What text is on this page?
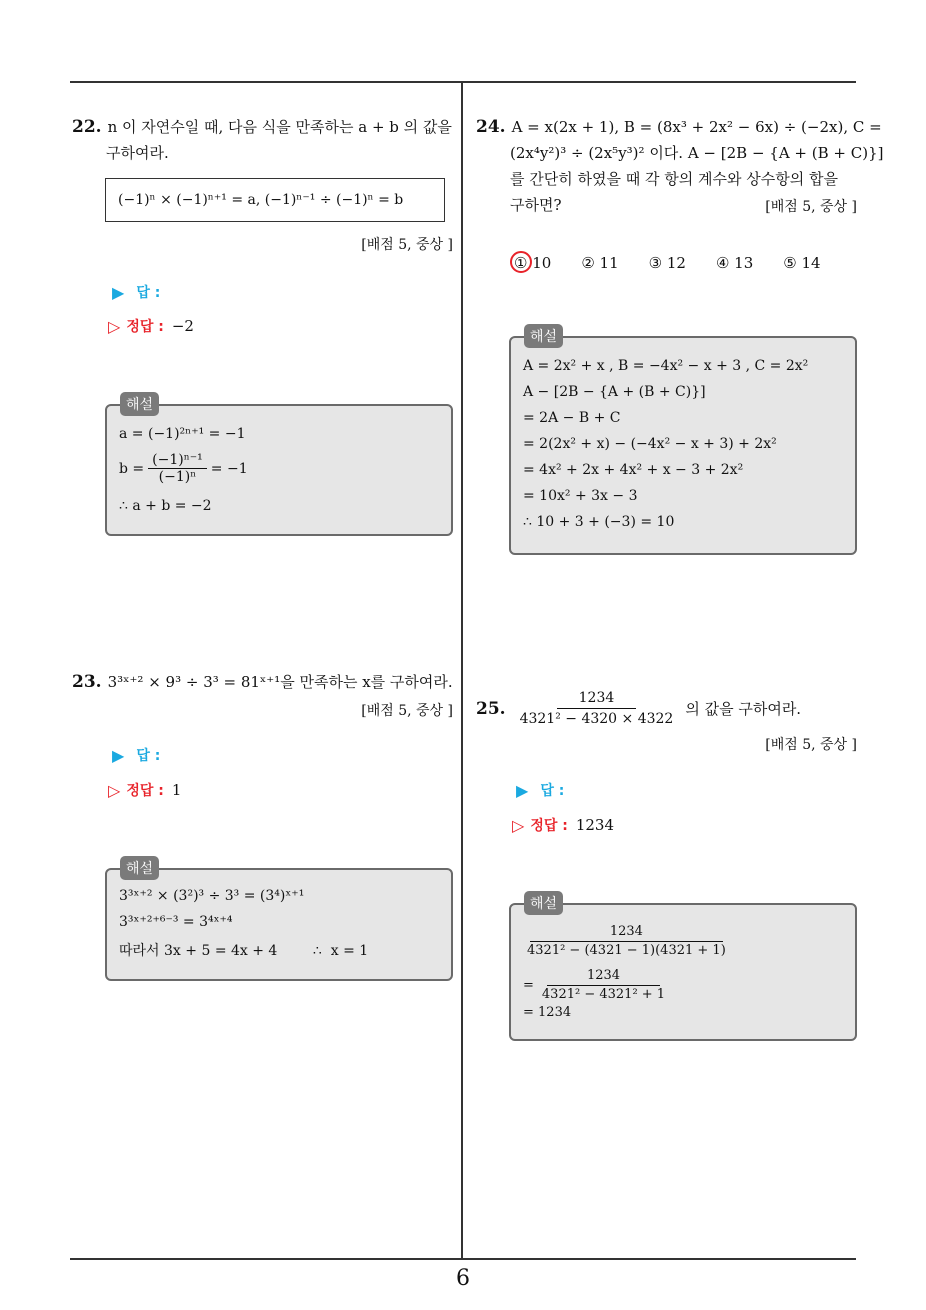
6
22. n 이 자연수일 때, 다음 식을 만족하는 a + b 의 값을
구하여라.
(−1)ⁿ × (−1)ⁿ⁺¹ = a, (−1)ⁿ⁻¹ ÷ (−1)ⁿ = b
[배점 5, 중상 ]
▶ 답 :
▷ 정답 : −2
a = (−1)²ⁿ⁺¹ = −1
$b = \frac{\text{(−1)ⁿ⁻¹}}{\text{(−1)ⁿ}} = -1$
∴ a + b = −2
해설
23. 3³ˣ⁺² × 9³ ÷ 3³ = 81ˣ⁺¹을 만족하는 x를 구하여라.
[배점 5, 중상 ]
▶ 답 :
▷ 정답 : 1
3³ˣ⁺² × (3²)³ ÷ 3³ = (3⁴)ˣ⁺¹
3³ˣ⁺²⁺⁶⁻³ = 3⁴ˣ⁺⁴
따라서 3x + 5 = 4x + 4        ∴  x = 1
해설
24. A = x(2x + 1), B = (8x³ + 2x² − 6x) ÷ (−2x), C =
(2x⁴y²)³ ÷ (2x⁵y³)² 이다. A − [2B − {A + (B + C)}]
를 간단히 하였을 때 각 항의 계수와 상수항의 합을
구하면?	[배점 5, 중상 ]
① 10 ② 11 ③ 12 ④ 13 ⑤ 14
A = 2x² + x , B = −4x² − x + 3 , C = 2x²
A − [2B − {A + (B + C)}]
= 2A − B + C
= 2(2x² + x) − (−4x² − x + 3) + 2x²
= 4x² + 2x + 4x² + x − 3 + 2x²
= 10x² + 3x − 3
∴ 10 + 3 + (−3) = 10
해설
25. $\frac{1234}{\text{4321² − 4320 × 4322}}$ 의 값을 구하여라.
[배점 5, 중상 ]
▶ 답 :
▷ 정답 : 1234
$\frac{1234}{\text{4321² − (4321 − 1)(4321 + 1)}}$
= $\frac{1234}{\text{4321² − 4321² + 1}}$
= 1234
해설
